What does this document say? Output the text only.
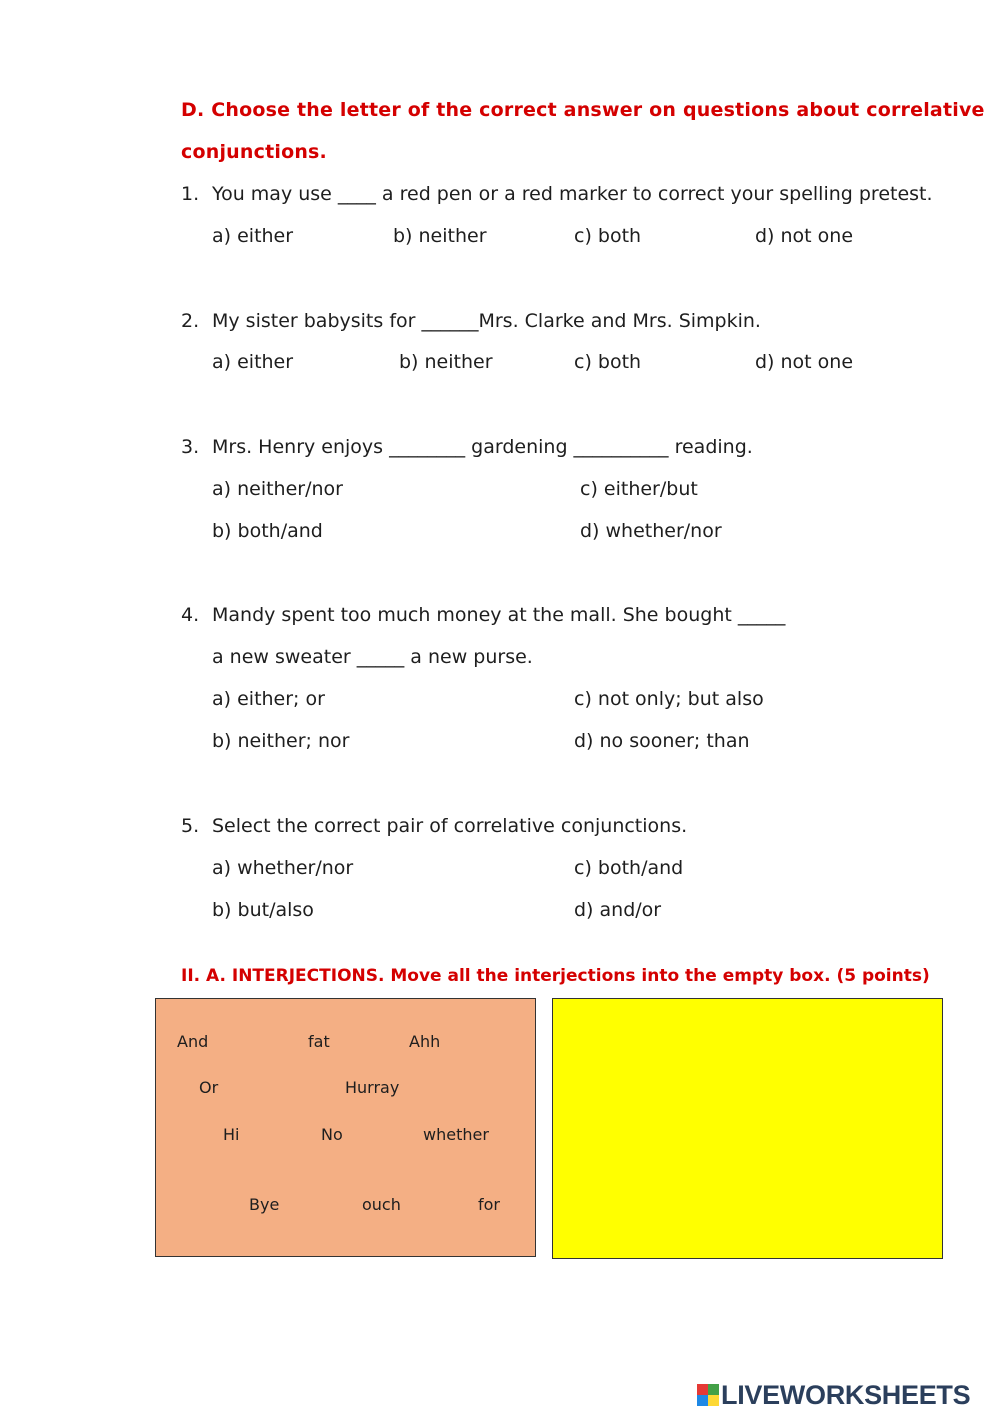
D. Choose the letter of the correct answer on questions about correlative
conjunctions.
1. You may use ____ a red pen or a red marker to correct your spelling pretest.
a) either	b) neither	c) both	d) not one
2. My sister babysits for ______Mrs. Clarke and Mrs. Simpkin.
a) either	b) neither	c) both	d) not one
3. Mrs. Henry enjoys ________ gardening __________ reading.
a) neither/nor	c) either/but
b) both/and	d) whether/nor
4. Mandy spent too much money at the mall. She bought _____
a new sweater _____ a new purse.
a) either; or	c) not only; but also
b) neither; nor	d) no sooner; than
5. Select the correct pair of correlative conjunctions.
a) whether/nor	c) both/and
b) but/also	d) and/or
II. A. INTERJECTIONS. Move all the interjections into the empty box. (5 points)
And	fat	Ahh
Or	Hurray
Hi	No	whether
Bye	ouch	for
LIVEWORKSHEETS
